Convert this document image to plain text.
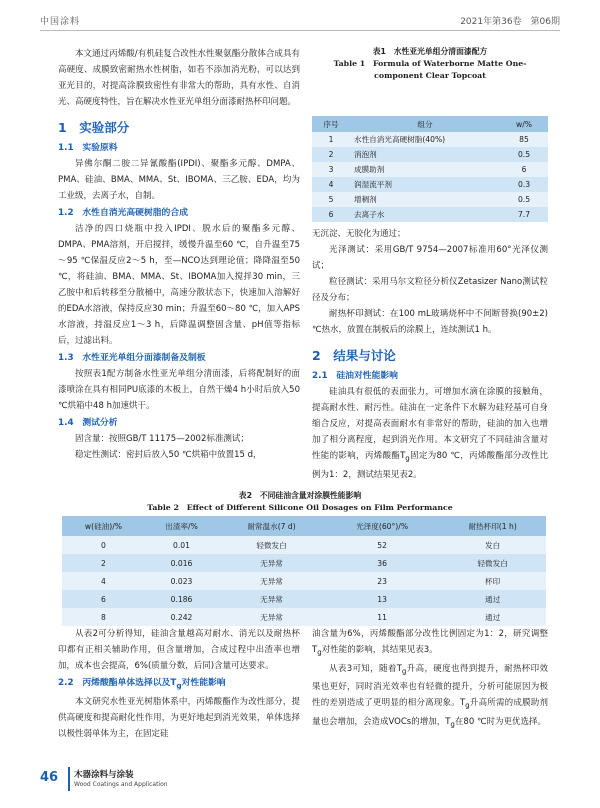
中国涂料	2021年第36卷　第06期

本文通过丙烯酸/有机硅复合改性水性聚氨酯分散体合成具有高硬度、成膜致密耐热水性树脂，如若不添加消光粉，可以达到亚光目的，对提高涂膜致密性有非常大的帮助，具有水性、自消光、高硬度特性，旨在解决水性亚光单组分面漆耐热杯印问题。

1　实验部分
1.1　实验原料

异佛尔酮二胺二异氰酸酯(IPDI)、聚酯多元醇、DMPA、PMA、硅油、BMA、MMA、St、IBOMA、三乙胺、EDA，均为工业级，去离子水，自制。

1.2　水性自消光高硬树脂的合成

洁净的四口烧瓶中投入IPDI、脱水后的聚酯多元醇、DMPA、PMA溶剂，开启搅拌，缓慢升温至60 ℃，自升温至75～95 ℃保温反应2～5 h，至—NCO达到理论值；降降温至50 ℃，将硅油、BMA、MMA、St、IBOMA加入搅拌30 min，三乙胺中和后转移至分散桶中，高速分散状态下，快速加入溶解好的EDA水溶液，保持反应30 min；升温至60～80 ℃，加入APS水溶液，持温反应1～3 h，后降温调整固含量、pH值等指标后，过滤出料。

1.3　水性亚光单组分面漆制备及制板

按照表1配方制备水性亚光单组分清面漆，后将配制好的面漆喷涂在具有相同PU底漆的木板上，自然干燥4 h小时后放入50 ℃烘箱中48 h加速烘干。

1.4　测试分析

固含量：按照GB/T 11175—2002标准测试；

稳定性测试：密封后放入50 ℃烘箱中放置15 d，

表1　水性亚光单组分清面漆配方
Table 1　Formula of Waterborne Matte One-component Clear Topcoat
序号	组分	w/%
1	水性自消光高硬树脂(40%)	85
2	消泡剂	0.5
3	成膜助剂	6
4	润湿流平剂	0.3
5	增稠剂	0.5
6	去离子水	7.7

无沉淀、无胶化为通过；

光泽测试：采用GB/T 9754—2007标准用60°光泽仪测试；

粒径测试：采用马尔文粒径分析仪Zetasizer Nano测试粒径及分布；

耐热杯印测试：在100 mL玻璃烧杯中不间断替换(90±2) ℃热水，放置在制板后的涂膜上，连续测试1 h。

2　结果与讨论
2.1　硅油对性能影响

硅油具有很低的表面张力，可增加水滴在涂膜的接触角，提高耐水性、耐污性。硅油在一定条件下水解为硅羟基可自身缩合反应，对提高表面耐水有非常好的帮助，硅油的加入也增加了相分离程度，起到消光作用。本文研究了不同硅油含量对性能的影响，丙烯酸酯$T_g$固定为80 ℃，丙烯酸酯部分改性比例为1：2，测试结果见表2。

表2　不同硅油含量对涂膜性能影响
Table 2　Effect of Different Silicone Oil Dosages on Film Performance
w(硅油)/%	出渣率/%	耐常温水(7 d)	光泽度(60°)/%	耐热杯印(1 h)
0	0.01	轻微发白	52	发白
2	0.016	无异常	36	轻微发白
4	0.023	无异常	23	杯印
6	0.186	无异常	13	通过
8	0.242	无异常	11	通过

从表2可分析得知，硅油含量越高对耐水、消光以及耐热杯印都有正相关辅助作用，但含量增加，合成过程中出渣率也增加，成本也会提高，6%(质量分数，后同)含量可达要求。

2.2　丙烯酸酯单体选择以及$T_g$对性能影响

本文研究水性亚光树脂体系中，丙烯酸酯作为改性部分，提供高硬度和提高耐化性作用，为更好地起到消光效果，单体选择以极性弱单体为主，在固定硅

油含量为6%，丙烯酸酯部分改性比例固定为1：2，研究调整$T_g$对性能的影响，其结果见表3。

从表3可知，随着$T_g$升高，硬度也得到提升，耐热杯印效果也更好，同时消光效率也有轻微的提升，分析可能原因为极性的差别造成了更明显的相分离现象。$T_g$升高所需的成膜助剂量也会增加，会造成VOCs的增加，$T_g$在80 ℃时为更优选择。

46 木器涂料与涂装
Wood Coatings and Application
